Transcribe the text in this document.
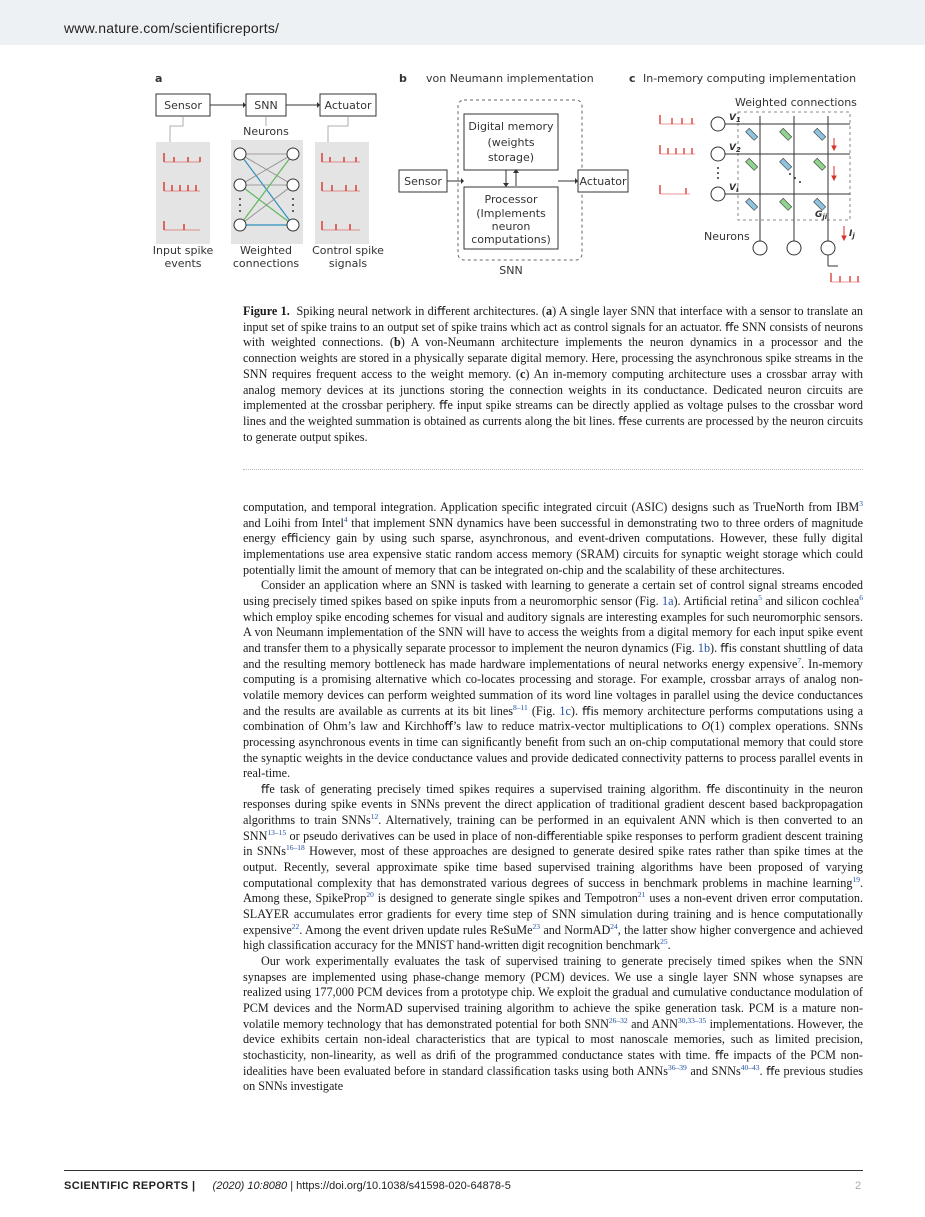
www.nature.com/scientificreports/
a
Sensor	SNN	Actuator
Neurons
Input spike
events
Weighted
connections
Control spike
signals
b von Neumann implementation
Digital memory
(weights
storage)
Processor
(Implements
neuron
computations)
Sensor	Actuator
SNN
c In-memory computing implementation
Weighted connections
$V_1$
$V_2$
$V_i$
$G_{ji}$
$I_j$
Neurons
Figure 1. Spiking neural network in diﬀerent architectures. (a) A single layer SNN that interface with a sensor to translate an input set of spike trains to an output set of spike trains which act as control signals for an actuator. ﬀe SNN consists of neurons with weighted connections. (b) A von-Neumann architecture implements the neuron dynamics in a processor and the connection weights are stored in a physically separate digital memory. Here, processing the asynchronous spike streams in the SNN requires frequent access to the weight memory. (c) An in-memory computing architecture uses a crossbar array with analog memory devices at its junctions storing the connection weights in its conductance. Dedicated neuron circuits are implemented at the crossbar periphery. ﬀe input spike streams can be directly applied as voltage pulses to the crossbar word lines and the weighted summation is obtained as currents along the bit lines. ﬀese currents are processed by the neuron circuits to generate output spikes.

computation, and temporal integration. Application speciﬁc integrated circuit (ASIC) designs such as TrueNorth from IBM$^3$ and Loihi from Intel$^4$ that implement SNN dynamics have been successful in demonstrating two to three orders of magnitude energy eﬃciency gain by using such sparse, asynchronous, and event-driven computations. However, these fully digital implementations use area expensive static random access memory (SRAM) circuits for synaptic weight storage which could potentially limit the amount of memory that can be integrated on-chip and the scalability of these architectures.

Consider an application where an SNN is tasked with learning to generate a certain set of control signal streams encoded using precisely timed spikes based on spike inputs from a neuromorphic sensor (Fig. 1a). Artiﬁcial retina$^5$ and silicon cochlea$^6$ which employ spike encoding schemes for visual and auditory signals are interesting examples for such neuromorphic sensors. A von Neumann implementation of the SNN will have to access the weights from a digital memory for each input spike event and transfer them to a physically separate processor to implement the neuron dynamics (Fig. 1b). ﬀis constant shuttling of data and the resulting memory bottleneck has made hardware implementations of neural networks energy expensive$^7$. In-memory computing is a promising alternative which co-locates processing and storage. For example, crossbar arrays of analog non-volatile memory devices can perform weighted summation of its word line voltages in parallel using the device conductances and the results are available as currents at its bit lines$^{8-11}$ (Fig. 1c). ﬀis memory architecture performs computations using a combination of Ohm’s law and Kirchhoﬀ’s law to reduce matrix-vector multiplications to O(1) complex operations. SNNs processing asynchronous events in time can signiﬁcantly beneﬁt from such an on-chip computational memory that could store the synaptic weights in the device conductance values and provide dedicated connectivity patterns to process parallel events in real-time.

ﬀe task of generating precisely timed spikes requires a supervised training algorithm. ﬀe discontinuity in the neuron responses during spike events in SNNs prevent the direct application of traditional gradient descent based backpropagation algorithms to train SNNs$^{12}$. Alternatively, training can be performed in an equivalent ANN which is then converted to an SNN$^{13-15}$ or pseudo derivatives can be used in place of non-diﬀerentiable spike responses to perform gradient descent training in SNNs$^{16-18}$ However, most of these approaches are designed to generate desired spike rates rather than spike times at the output. Recently, several approximate spike time based supervised training algorithms have been proposed of varying computational complexity that has demonstrated various degrees of success in benchmark problems in machine learning$^{19}$. Among these, SpikeProp$^{20}$ is designed to generate single spikes and Tempotron$^{21}$ uses a non-event driven error computation. SLAYER accumulates error gradients for every time step of SNN simulation during training and is hence computationally expensive$^{22}$. Among the event driven update rules ReSuMe$^{23}$ and NormAD$^{24}$, the latter show higher convergence and achieved high classiﬁcation accuracy for the MNIST hand-written digit recognition benchmark$^{25}$.

Our work experimentally evaluates the task of supervised training to generate precisely timed spikes when the SNN synapses are implemented using phase-change memory (PCM) devices. We use a single layer SNN whose synapses are realized using 177,000 PCM devices from a prototype chip. We exploit the gradual and cumulative conductance modulation of PCM devices and the NormAD supervised training algorithm to achieve the spike generation task. PCM is a mature non-volatile memory technology that has demonstrated potential for both SNN$^{26-32}$ and ANN$^{30,33-35}$ implementations. However, the device exhibits certain non-ideal characteristics that are typical to most nanoscale memories, such as limited precision, stochasticity, non-linearity, as well as driﬁ of the programmed conductance states with time. ﬀe impacts of the PCM non-idealities have been evaluated before in standard classiﬁcation tasks using both ANNs$^{36-39}$ and SNNs$^{40-43}$. ﬀe previous studies on SNNs investigate

SCIENTIFIC REPORTS | (2020) 10:8080 | https://doi.org/10.1038/s41598-020-64878-5	2
